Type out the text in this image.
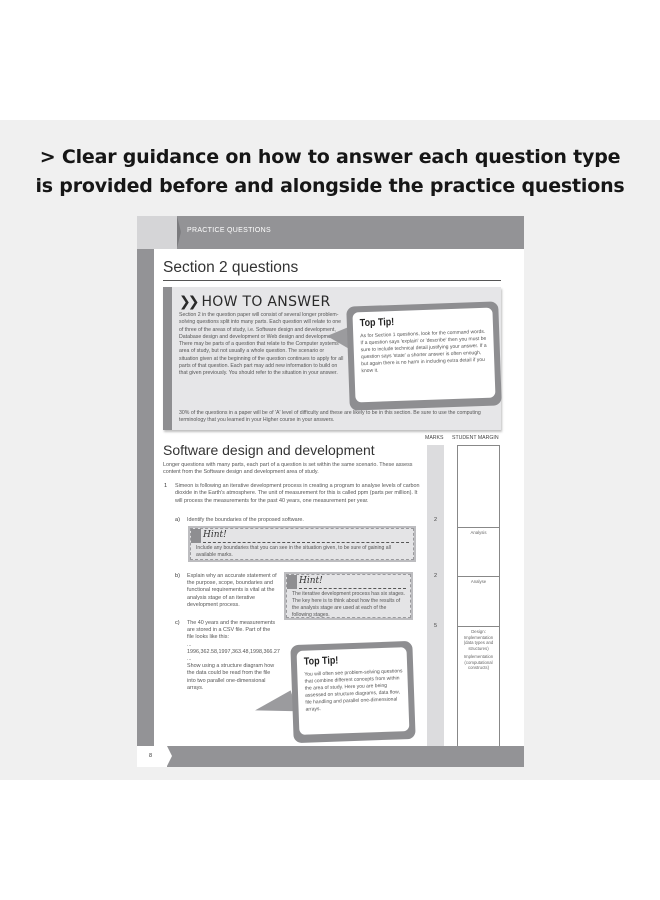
> Clear guidance on how to answer each question type
is provided before and alongside the practice questions
PRACTICE QUESTIONS
Section 2 questions
❯❯ HOW TO ANSWER
Section 2 in the question paper will consist of several longer problem-solving questions split into many parts. Each question will relate to one of three of the areas of study, i.e. Software design and development, Database design and development or Web design and development. There may be parts of a question that relate to the Computer systems area of study, but not usually a whole question. The scenario or situation given at the beginning of the question continues to apply for all parts of that question. Each part may add new information to build on that given previously. You should refer to the situation in your answer.
30% of the questions in a paper will be of 'A' level of difficulty and these are likely to be in this section. Be sure to use the computing terminology that you learned in your Higher course in your answers.
Top Tip!
As for Section 1 questions, look for the command words. If a question says 'explain' or 'describe' then you must be sure to include technical detail justifying your answer. If a question says 'state' a shorter answer is often enough, but again there is no harm in including extra detail if you know it.
MARKS STUDENT MARGIN
Analysis
Analyse
Design: Implementation (data types and structures)
Implementation (computational constructs)
2
2
5
Software design and development
Longer questions with many parts, each part of a question is set within the same scenario. These assess content from the Software design and development area of study.
1 Simeon is following an iterative development process in creating a program to analyse levels of carbon dioxide in the Earth's atmosphere. The unit of measurement for this is called ppm (parts per million). It will process the measurements for the past 40 years, one measurement per year.
a) Identify the boundaries of the proposed software.
Hint!
Include any boundaries that you can see in the situation given, to be sure of gaining all available marks.
b) Explain why an accurate statement of the purpose, scope, boundaries and functional requirements is vital at the analysis stage of an iterative development process.
Hint!
The iterative development process has six stages. The key here is to think about how the results of the analysis stage are used at each of the following stages.
c) The 40 years and the measurements are stored in a CSV file. Part of the file looks like this:
... 1996,362.58,1997,363.48,1998,366.27 ...
Show using a structure diagram how the data could be read from the file into two parallel one-dimensional arrays.
Top Tip!
You will often see problem-solving questions that combine different concepts from within the area of study. Here you are being assessed on structure diagrams, data flow, file handling and parallel one-dimensional arrays.
8
